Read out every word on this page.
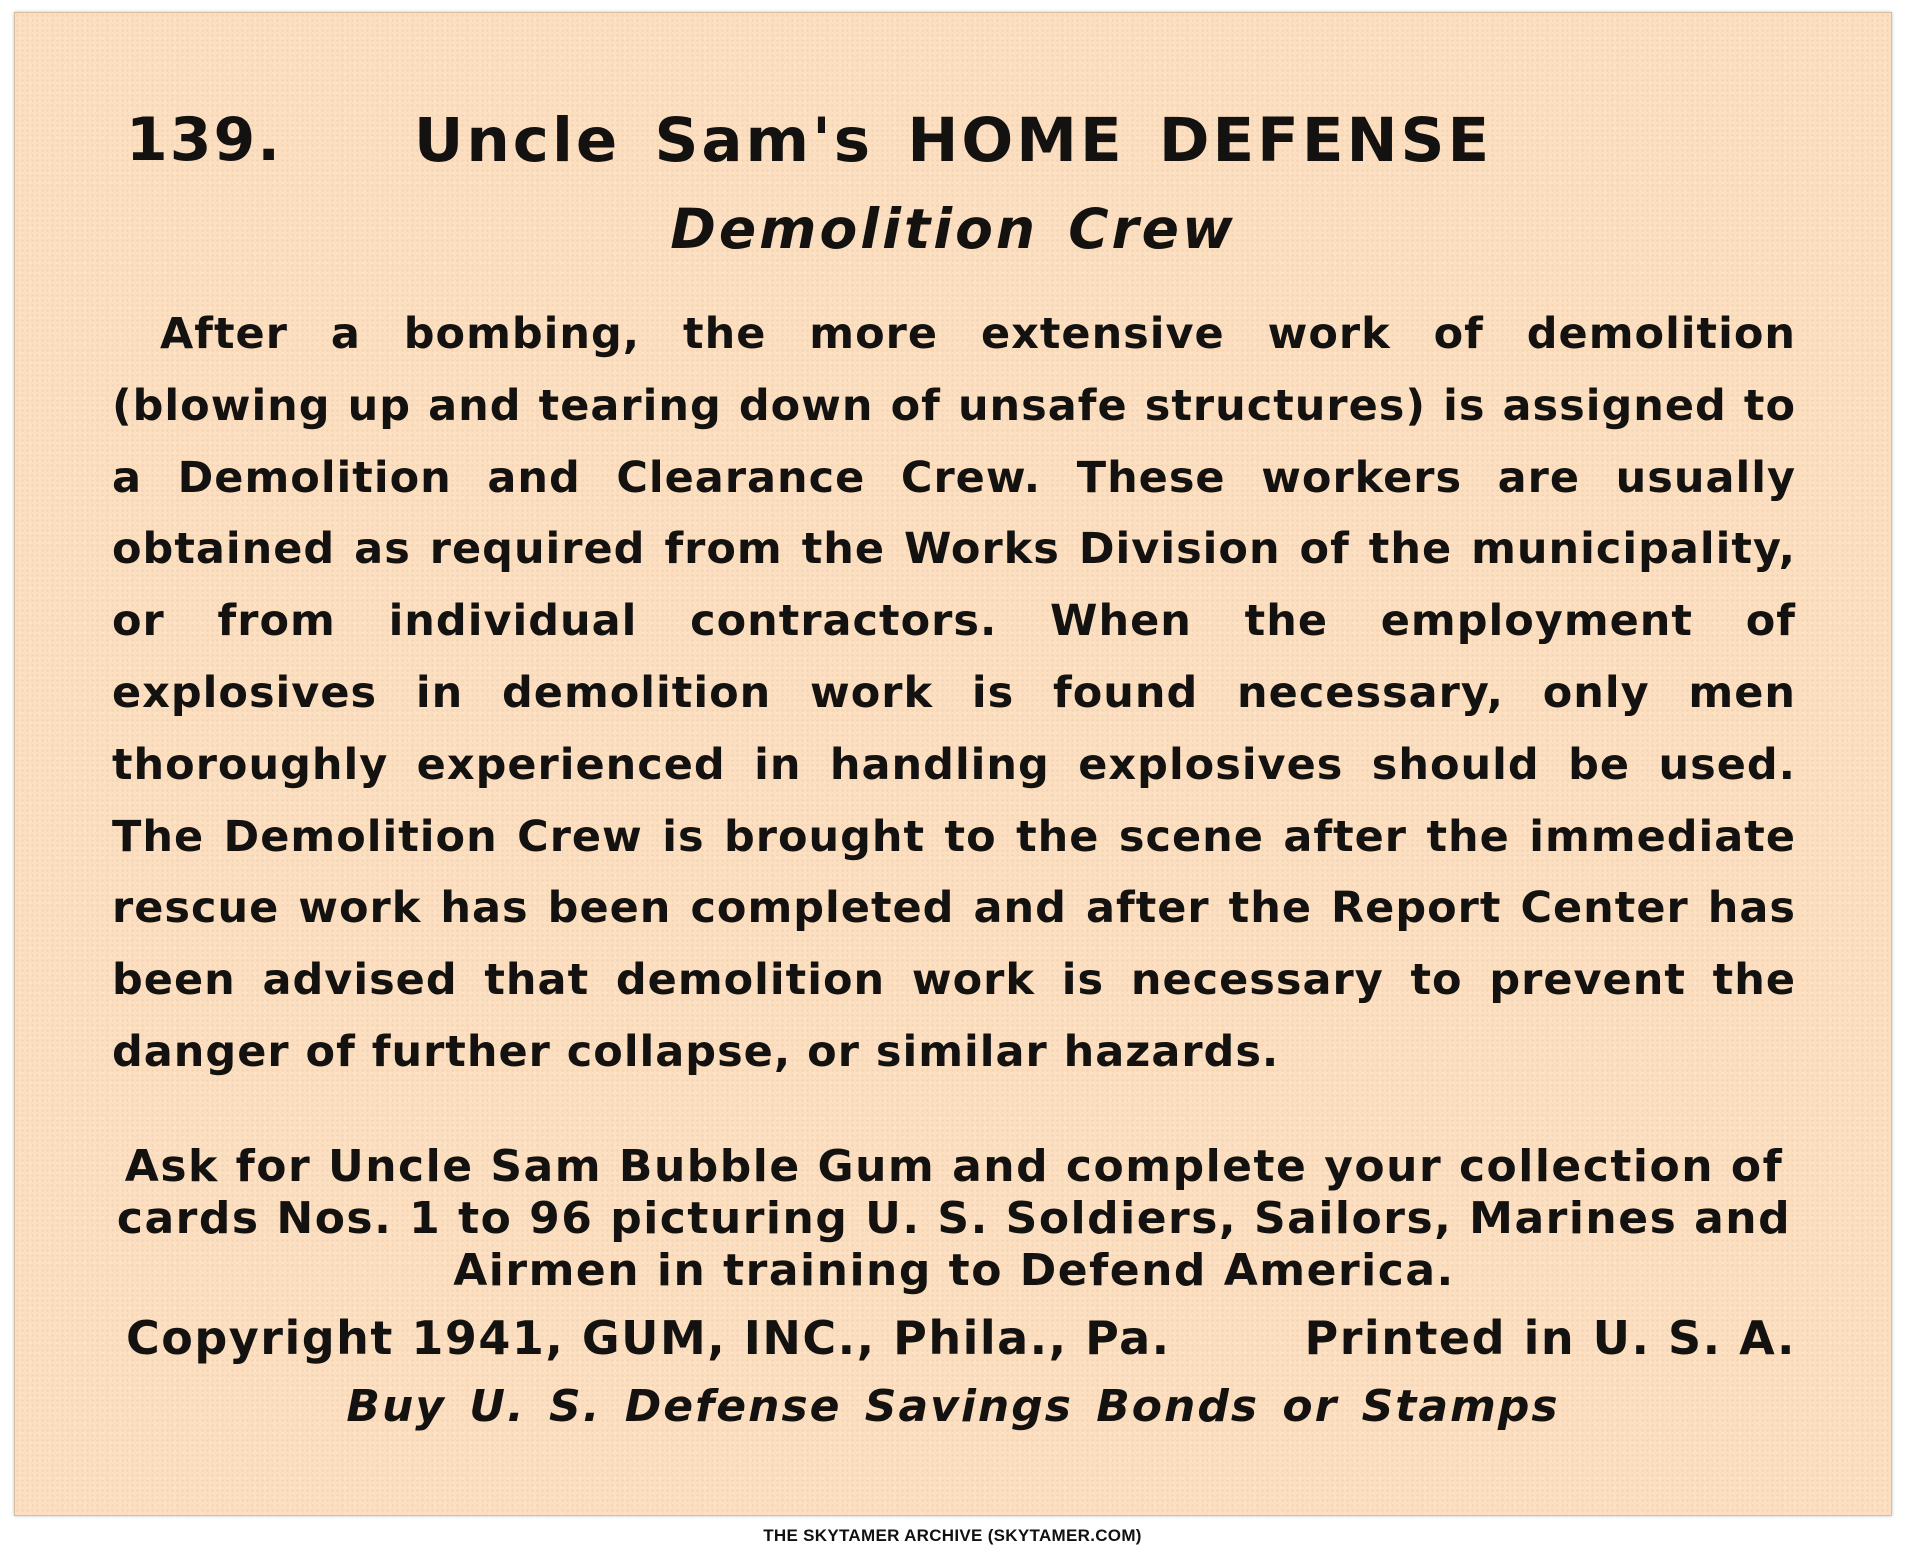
139.	Uncle Sam's HOME DEFENSE
Demolition Crew

After a bombing, the more extensive work of demolition (blowing up and tearing down of unsafe structures) is assigned to a Demolition and Clearance Crew. These workers are usually obtained as required from the Works Division of the municipality, or from individual contractors. When the employment of explosives in demolition work is found necessary, only men thoroughly experienced in handling explosives should be used. The Demolition Crew is brought to the scene after the immediate rescue work has been completed and after the Report Center has been advised that demolition work is necessary to prevent the danger of further collapse, or similar hazards.

Ask for Uncle Sam Bubble Gum and complete your collection of cards Nos. 1 to 96 picturing U. S. Soldiers, Sailors, Marines and Airmen in training to Defend America.

Copyright 1941, GUM, INC., Phila., Pa.	Printed in U. S. A.
Buy U. S. Defense Savings Bonds or Stamps
THE SKYTAMER ARCHIVE (SKYTAMER.COM)
